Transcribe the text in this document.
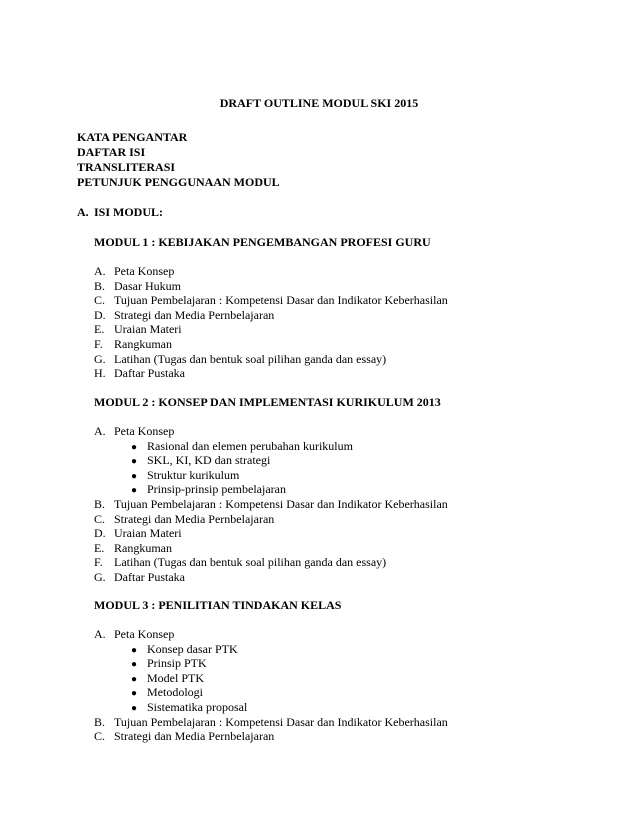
DRAFT OUTLINE MODUL SKI 2015
KATA PENGANTAR
DAFTAR ISI
TRANSLITERASI
PETUNJUK PENGGUNAAN MODUL
A. ISI MODUL:
MODUL 1 : KEBIJAKAN PENGEMBANGAN PROFESI GURU
A. Peta Konsep
B. Dasar Hukum
C. Tujuan Pembelajaran : Kompetensi Dasar dan Indikator Keberhasilan
D. Strategi dan Media Pernbelajaran
E. Uraian Materi
F. Rangkuman
G. Latihan (Tugas dan bentuk soal pilihan ganda dan essay)
H. Daftar Pustaka
MODUL 2 : KONSEP DAN IMPLEMENTASI KURIKULUM 2013
A. Peta Konsep
● Rasional dan elemen perubahan kurikulum
● SKL, KI, KD dan strategi
● Struktur kurikulum
● Prinsip-prinsip pembelajaran
B. Tujuan Pembelajaran : Kompetensi Dasar dan Indikator Keberhasilan
C. Strategi dan Media Pernbelajaran
D. Uraian Materi
E. Rangkuman
F. Latihan (Tugas dan bentuk soal pilihan ganda dan essay)
G. Daftar Pustaka
MODUL 3 : PENILITIAN TINDAKAN KELAS
A. Peta Konsep
● Konsep dasar PTK
● Prinsip PTK
● Model PTK
● Metodologi
● Sistematika proposal
B. Tujuan Pembelajaran : Kompetensi Dasar dan Indikator Keberhasilan
C. Strategi dan Media Pernbelajaran
